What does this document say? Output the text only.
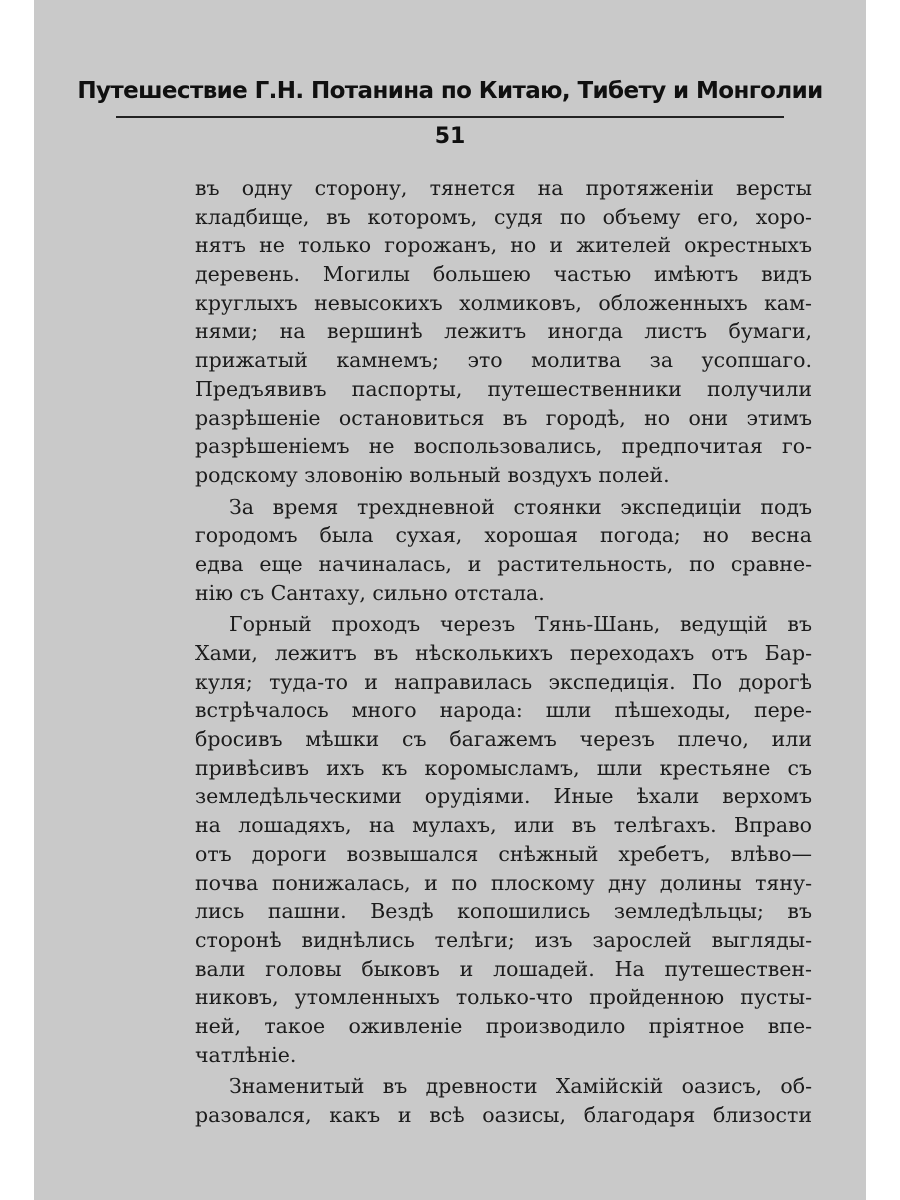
Путешествие Г.Н. Потанина по Китаю, Тибету и Монголии
51
въ одну сторону, тянется на протяженіи версты
кладбище, въ которомъ, судя по объему его, хоро-
нятъ не только горожанъ, но и жителей окрестныхъ
деревень. Могилы большею частью имѣютъ видъ
круглыхъ невысокихъ холмиковъ, обложенныхъ кам-
нями; на вершинѣ лежитъ иногда листъ бумаги,
прижатый камнемъ; это молитва за усопшаго.
Предъявивъ паспорты, путешественники получили
разрѣшеніе остановиться въ городѣ, но они этимъ
разрѣшеніемъ не воспользовались, предпочитая го-
родскому зловонію вольный воздухъ полей.
За время трехдневной стоянки экспедиціи подъ
городомъ была сухая, хорошая погода; но весна
едва еще начиналась, и растительность, по сравне-
нію съ Сантаху, сильно отстала.
Горный проходъ черезъ Тянь-Шань, ведущій въ
Хами, лежитъ въ нѣсколькихъ переходахъ отъ Бар-
куля; туда-то и направилась экспедиція. По дорогѣ
встрѣчалось много народа: шли пѣшеходы, пере-
бросивъ мѣшки съ багажемъ черезъ плечо, или
привѣсивъ ихъ къ коромысламъ, шли крестьяне съ
земледѣльческими орудіями. Иные ѣхали верхомъ
на лошадяхъ, на мулахъ, или въ телѣгахъ. Вправо
отъ дороги возвышался снѣжный хребетъ, влѣво—
почва понижалась, и по плоскому дну долины тяну-
лись пашни. Вездѣ копошились земледѣльцы; въ
сторонѣ виднѣлись телѣги; изъ зарослей выгляды-
вали головы быковъ и лошадей. На путешествен-
никовъ, утомленныхъ только-что пройденною пусты-
ней, такое оживленіе производило пріятное впе-
чатлѣніе.
Знаменитый въ древности Хамійскій оазисъ, об-
разовался, какъ и всѣ оазисы, благодаря близости
